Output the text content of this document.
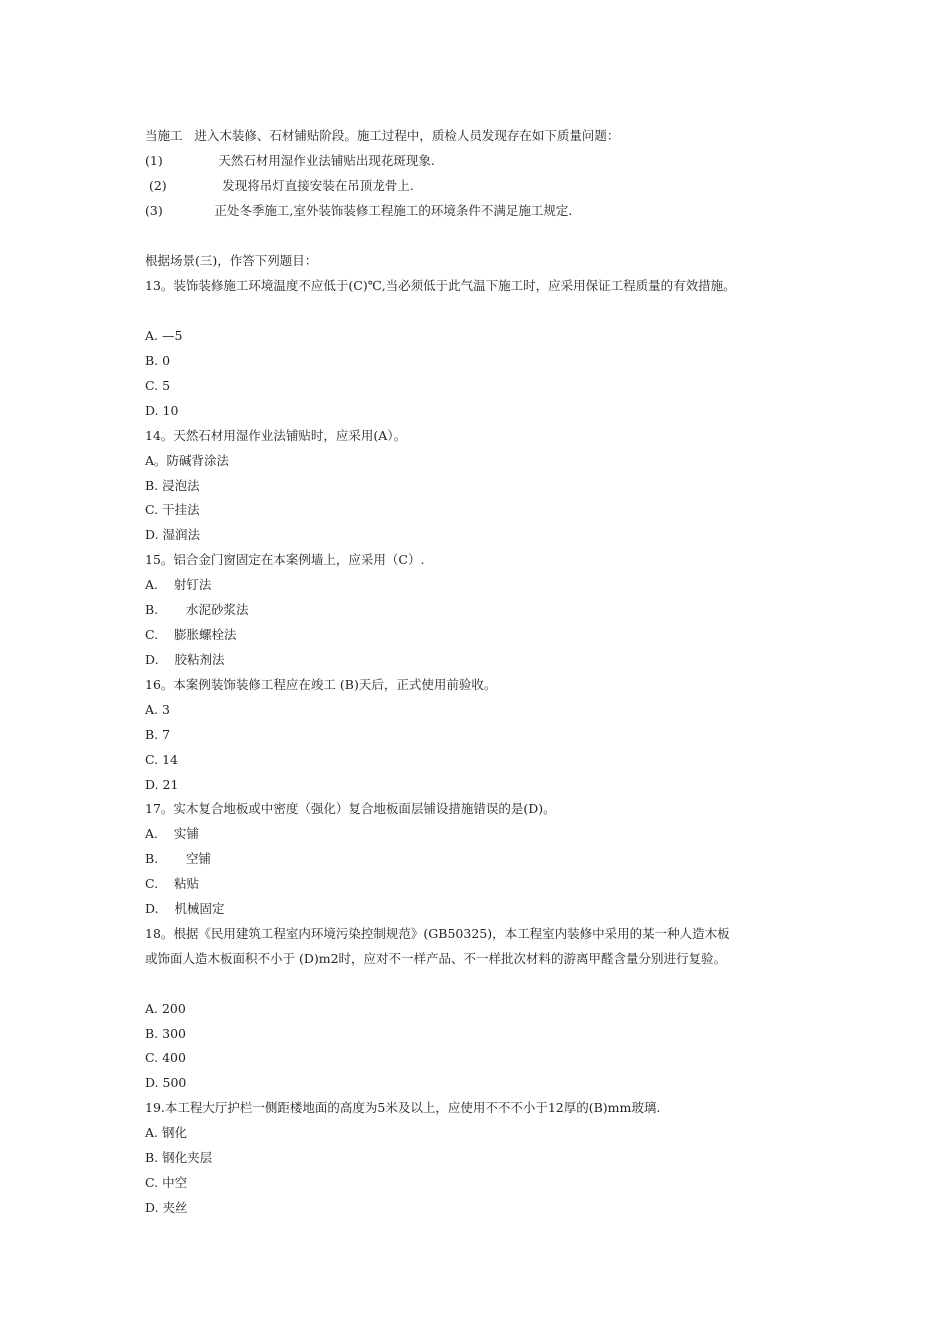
当施工   进入木装修、石材铺贴阶段。施工过程中，质检人员发现存在如下质量问题：
(1)              天然石材用湿作业法铺贴出现花斑现象.
(2)              发现将吊灯直接安装在吊顶龙骨上.
(3)             正处冬季施工,室外装饰装修工程施工的环境条件不满足施工规定.
根据场景(三)，作答下列题目：
13。装饰装修施工环境温度不应低于(C)℃,当必须低于此气温下施工时，应采用保证工程质量的有效措施。
A. —5
B. 0
C. 5
D. 10
14。天然石材用湿作业法铺贴时，应采用(A）。
A。防碱背涂法
B. 浸泡法
C. 干挂法
D. 湿润法
15。铝合金门窗固定在本案例墙上，应采用（C）.
A.    射钉法
B.       水泥砂浆法
C.    膨胀螺栓法
D.    胶粘剂法
16。本案例装饰装修工程应在竣工 (B)天后，正式使用前验收。
A. 3
B. 7
C. 14
D. 21
17。实木复合地板或中密度（强化）复合地板面层铺设措施错误的是(D)。
A.    实铺
B.       空铺
C.    粘贴
D.    机械固定
18。根据《民用建筑工程室内环境污染控制规范》(GB50325)，本工程室内装修中采用的某一种人造木板
或饰面人造木板面积不小于 (D)m2时，应对不一样产品、不一样批次材料的游离甲醛含量分别进行复验。
A. 200
B. 300
C. 400
D. 500
19.本工程大厅护栏一侧距楼地面的高度为5米及以上，应使用不不不小于12厚的(B)mm玻璃.
A. 钢化
B. 钢化夹层
C. 中空
D. 夹丝
